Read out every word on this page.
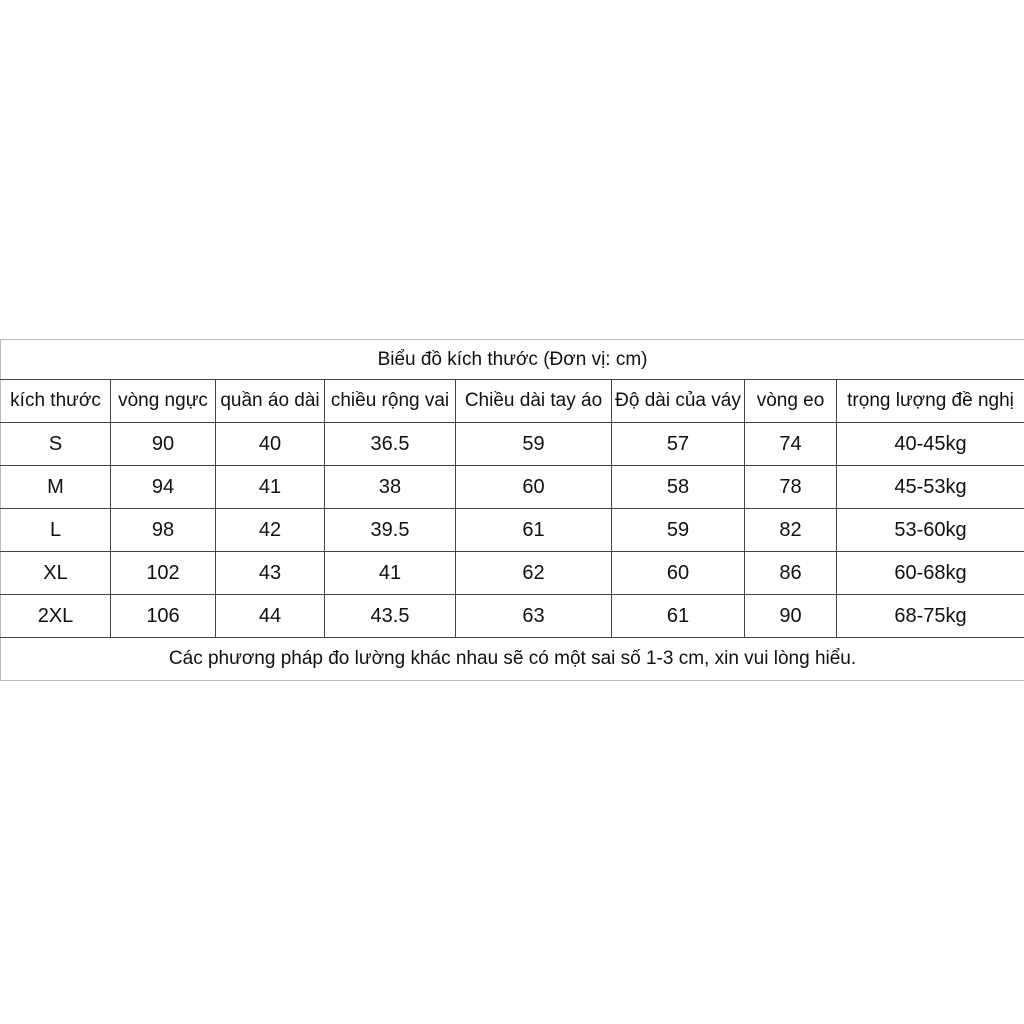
Biểu đồ kích thước (Đơn vị: cm)							
kích thước	vòng ngực	quần áo dài	chiều rộng vai	Chiều dài tay áo	Độ dài của váy	vòng eo	trọng lượng đề nghị
S	90	40	36.5	59	57	74	40-45kg
M	94	41	38	60	58	78	45-53kg
L	98	42	39.5	61	59	82	53-60kg
XL	102	43	41	62	60	86	60-68kg
2XL	106	44	43.5	63	61	90	68-75kg
Các phương pháp đo lường khác nhau sẽ có một sai số 1-3 cm, xin vui lòng hiểu.							
